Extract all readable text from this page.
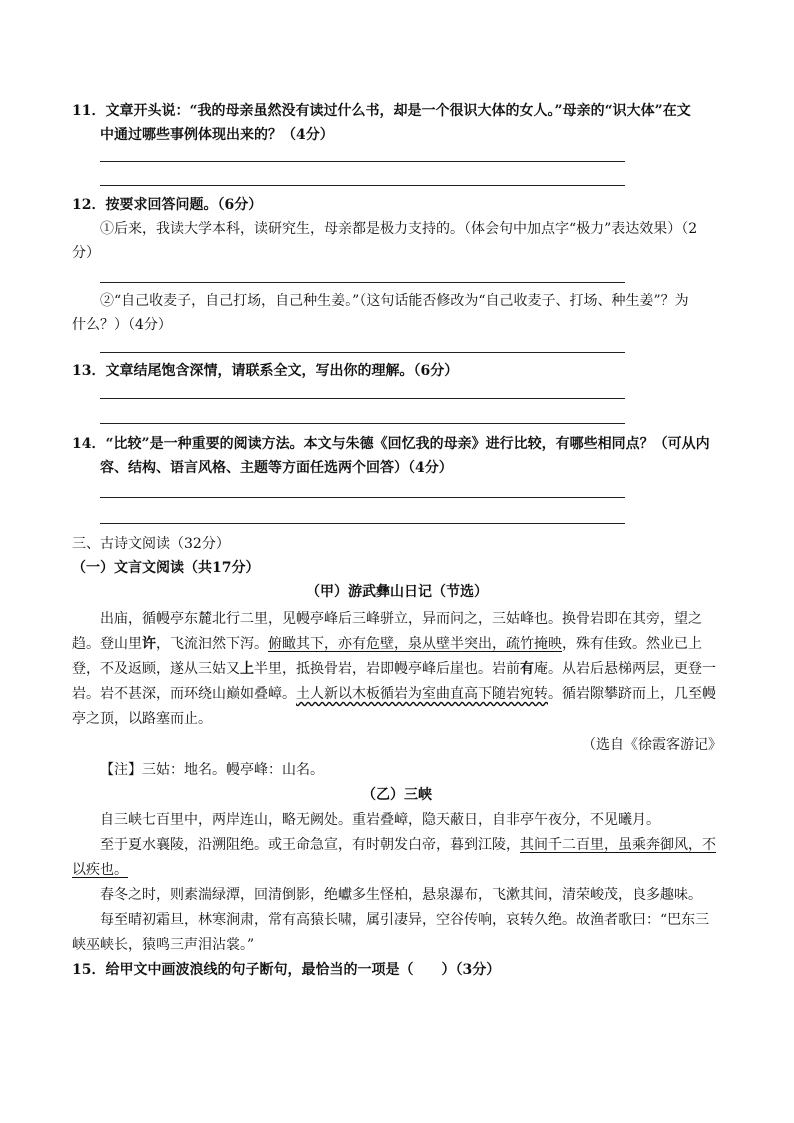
11．文章开头说：“我的母亲虽然没有读过什么书，却是一个很识大体的女人。”母亲的“识大体”在文
中通过哪些事例体现出来的？（4分）
12．按要求回答问题。（6分）
①后来，我读大学本科，读研究生，母亲都是极力支持的。（体会句中加点字“极力”表达效果）（2
分）
②“自己收麦子，自己打场，自己种生姜。”（这句话能否修改为“自己收麦子、打场、种生姜”？为
什么？）（4分）
13．文章结尾饱含深情，请联系全文，写出你的理解。（6分）
14．“比较”是一种重要的阅读方法。本文与朱德《回忆我的母亲》进行比较，有哪些相同点？（可从内
容、结构、语言风格、主题等方面任选两个回答）（4分）
三、古诗文阅读（32分）
（一）文言文阅读（共17分）
（甲）游武彝山日记（节选）
出庙，循幔亭东麓北行二里，见幔亭峰后三峰骈立，异而问之，三姑峰也。换骨岩即在其旁，望之趋。登山里许，飞流汩然下泻。俯瞰其下，亦有危壁，泉从壁半突出，疏竹掩映，殊有佳致。然业已上登，不及返顾，遂从三姑又上半里，抵换骨岩，岩即幔亭峰后崖也。岩前有庵。从岩后悬梯两层，更登一岩。岩不甚深，而环绕山巅如叠嶂。土人新以木板循岩为室曲直高下随岩宛转。循岩隙攀跻而上，几至幔亭之顶，以路塞而止。
（选自《徐霞客游记》
【注】三姑：地名。幔亭峰：山名。
（乙）三峡
自三峡七百里中，两岸连山，略无阙处。重岩叠嶂，隐天蔽日，自非亭午夜分，不见曦月。
至于夏水襄陵，沿溯阻绝。或王命急宣，有时朝发白帝，暮到江陵，其间千二百里，虽乘奔御风，不以疾也。
春冬之时，则素湍绿潭，回清倒影，绝巘多生怪柏，悬泉瀑布，飞漱其间，清荣峻茂，良多趣味。
每至晴初霜旦，林寒涧肃，常有高猿长啸，属引凄异，空谷传响，哀转久绝。故渔者歌曰：“巴东三峡巫峡长，猿鸣三声泪沾裳。”
15．给甲文中画波浪线的句子断句，最恰当的一项是（　　）（3分）
